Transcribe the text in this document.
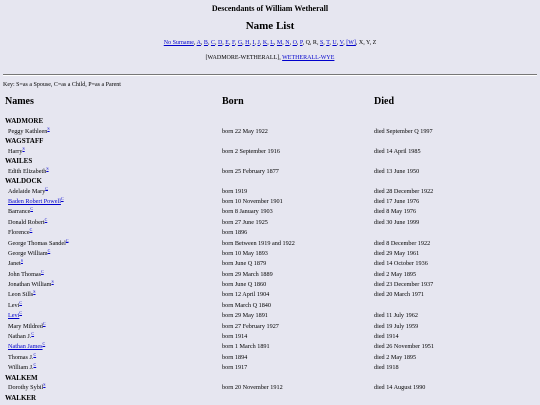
Descendants of William Wetherall
Name List
No Surname, A, B, C, D, E, F, G, H, I, J, K, L, M, N, O, P, Q, R, S, T, U, V, [W], X, Y, Z
[WADMORE-WETHERALL], WETHERALL-WYE
Key: S=as a Spouse, C=as a Child, P=as a Parent
Names	Born	Died
WADMORE
Peggy Kathleen$^S$	born 22 May 1922	died September Q 1997
WAGSTAFF
Harry$^S$	born 2 September 1916	died 14 April 1985
WAILES
Edith Elizabeth$^S$	born 25 February 1877	died 13 June 1950
WALDOCK
Adelaide Mary$^C$	born 1919	died 28 December 1922
Baden Robert Powell$^C$	born 10 November 1901	died 17 June 1976
Barrance$^C$	born 8 January 1903	died 8 May 1976
Donald Robert$^C$	born 27 June 1925	died 30 June 1999
Florence$^C$	born 1896
George Thomas Sandel$^C$	born Between 1919 and 1922	died 8 December 1922
George William$^C$	born 10 May 1893	died 29 May 1961
Janet$^S$	born June Q 1879	died 14 October 1936
John Thomas$^C$	born 29 March 1889	died 2 May 1895
Jonathan William$^S$	born June Q 1860	died 23 December 1937
Leon Sills$^S$	born 12 April 1904	died 20 March 1971
Levi$^C$	born March Q 1840
Levi$^C$	born 29 May 1891	died 11 July 1962
Mary Mildred$^C$	born 27 February 1927	died 19 July 1959
Nathan J.$^C$	born 1914	died 1914
Nathan James$^C$	born 1 March 1891	died 26 November 1951
Thomas J.$^C$	born 1894	died 2 May 1895
William J.$^C$	born 1917	died 1918
WALKEM
Dorothy Sybil$^S$	born 20 November 1912	died 14 August 1990
WALKER
